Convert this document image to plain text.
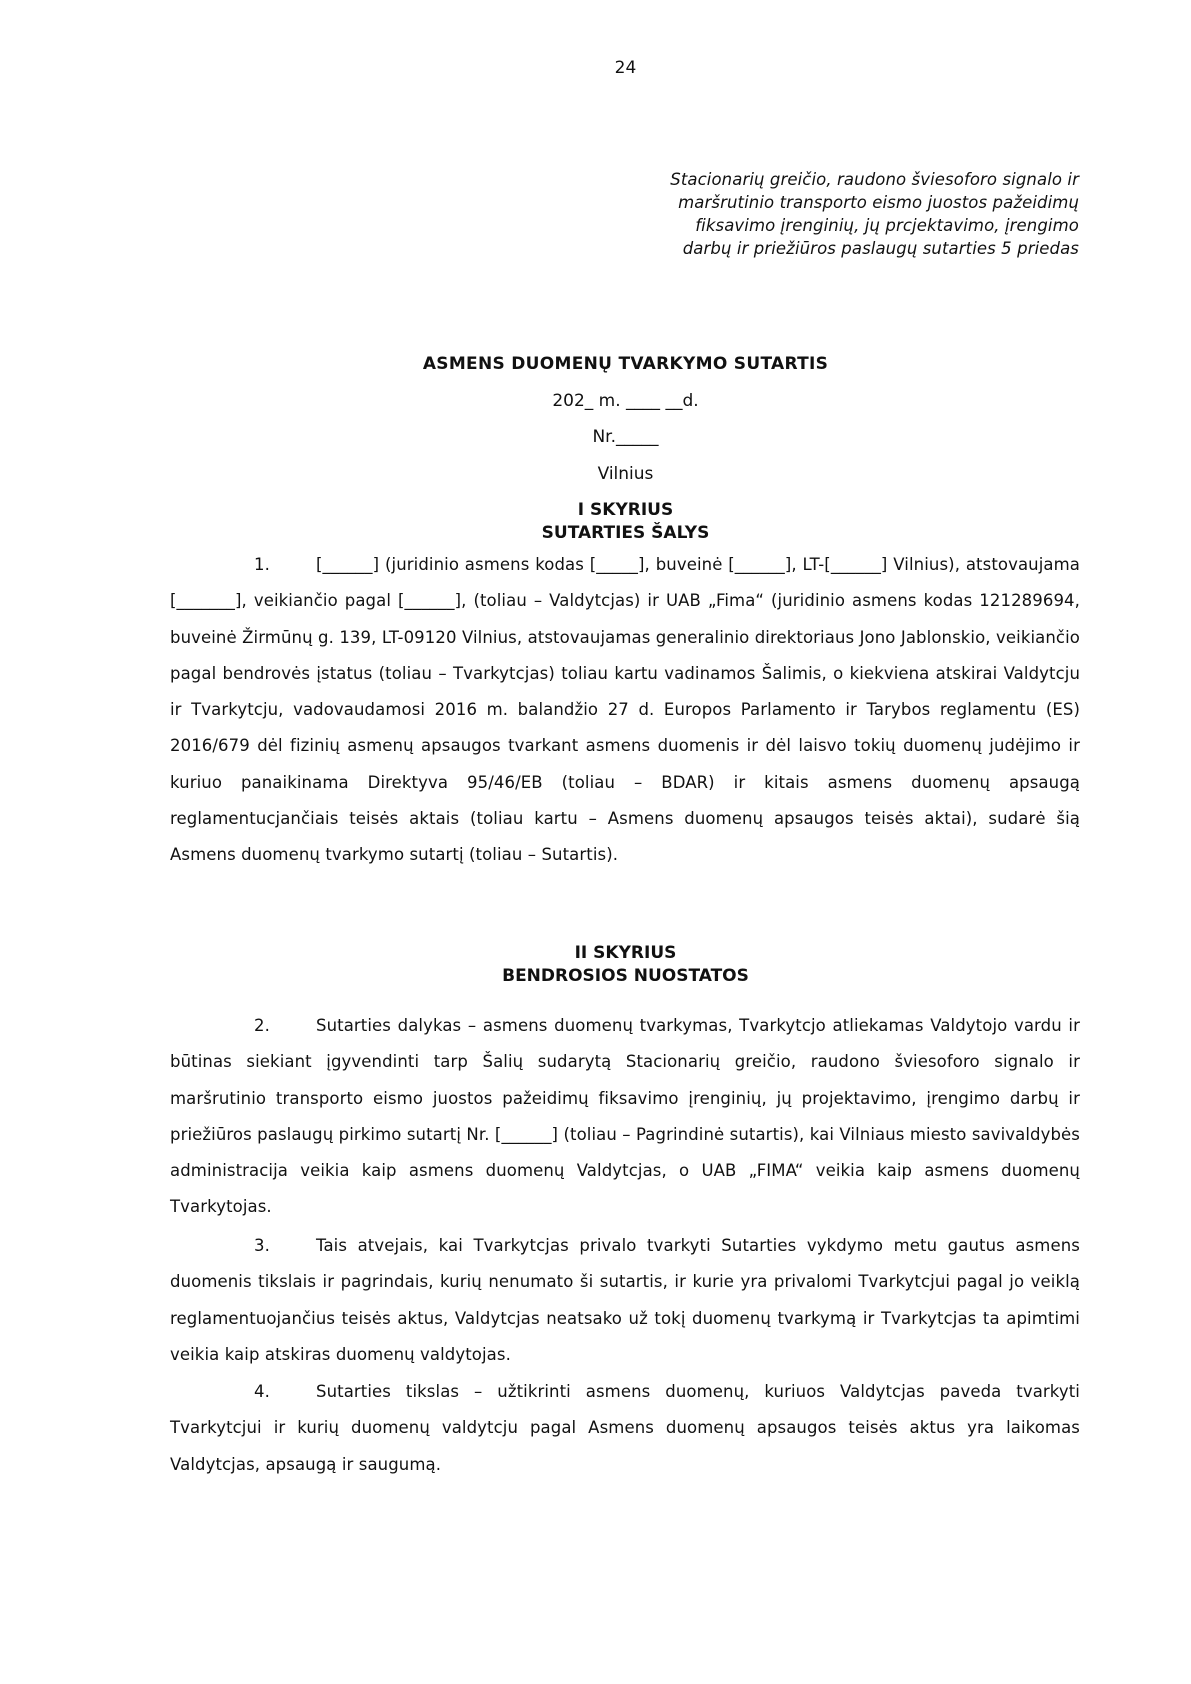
24
Stacionarių greičio, raudono šviesoforo signalo ir
maršrutinio transporto eismo juostos pažeidimų
fiksavimo įrenginių, jų prcjektavimo, įrengimo
darbų ir priežiūros paslaugų sutarties 5 priedas
ASMENS DUOMENŲ TVARKYMO SUTARTIS
202_ m. ____ __d.
Nr._____
Vilnius
I SKYRIUS
SUTARTIES ŠALYS
1.	[______] (juridinio asmens kodas [_____], buveinė [______], LT-[______] Vilnius), atstovaujama [_______], veikiančio pagal [______], (toliau – Valdytcjas) ir UAB „Fima“ (juridinio asmens kodas 121289694, buveinė Žirmūnų g. 139, LT-09120 Vilnius, atstovaujamas generalinio direktoriaus Jono Jablonskio, veikiančio pagal bendrovės įstatus (toliau – Tvarkytcjas) toliau kartu vadinamos Šalimis, o kiekviena atskirai Valdytcju ir Tvarkytcju, vadovaudamosi 2016 m. balandžio 27 d. Europos Parlamento ir Tarybos reglamentu (ES) 2016/679 dėl fizinių asmenų apsaugos tvarkant asmens duomenis ir dėl laisvo tokių duomenų judėjimo ir kuriuo panaikinama Direktyva 95/46/EB (toliau – BDAR) ir kitais asmens duomenų apsaugą reglamentucjančiais teisės aktais (toliau kartu – Asmens duomenų apsaugos teisės aktai), sudarė šią Asmens duomenų tvarkymo sutartį (toliau – Sutartis).
II SKYRIUS
BENDROSIOS NUOSTATOS
2.	Sutarties dalykas – asmens duomenų tvarkymas, Tvarkytcjo atliekamas Valdytojo vardu ir būtinas siekiant įgyvendinti tarp Šalių sudarytą Stacionarių greičio, raudono šviesoforo signalo ir maršrutinio transporto eismo juostos pažeidimų fiksavimo įrenginių, jų projektavimo, įrengimo darbų ir priežiūros paslaugų pirkimo sutartį Nr. [______] (toliau – Pagrindinė sutartis), kai Vilniaus miesto savivaldybės administracija veikia kaip asmens duomenų Valdytcjas, o UAB „FIMA“ veikia kaip asmens duomenų Tvarkytojas.
3.	Tais atvejais, kai Tvarkytcjas privalo tvarkyti Sutarties vykdymo metu gautus asmens duomenis tikslais ir pagrindais, kurių nenumato ši sutartis, ir kurie yra privalomi Tvarkytcjui pagal jo veiklą reglamentuojančius teisės aktus, Valdytcjas neatsako už tokį duomenų tvarkymą ir Tvarkytcjas ta apimtimi veikia kaip atskiras duomenų valdytojas.
4.	Sutarties tikslas – užtikrinti asmens duomenų, kuriuos Valdytcjas paveda tvarkyti Tvarkytcjui ir kurių duomenų valdytcju pagal Asmens duomenų apsaugos teisės aktus yra laikomas Valdytcjas, apsaugą ir saugumą.
